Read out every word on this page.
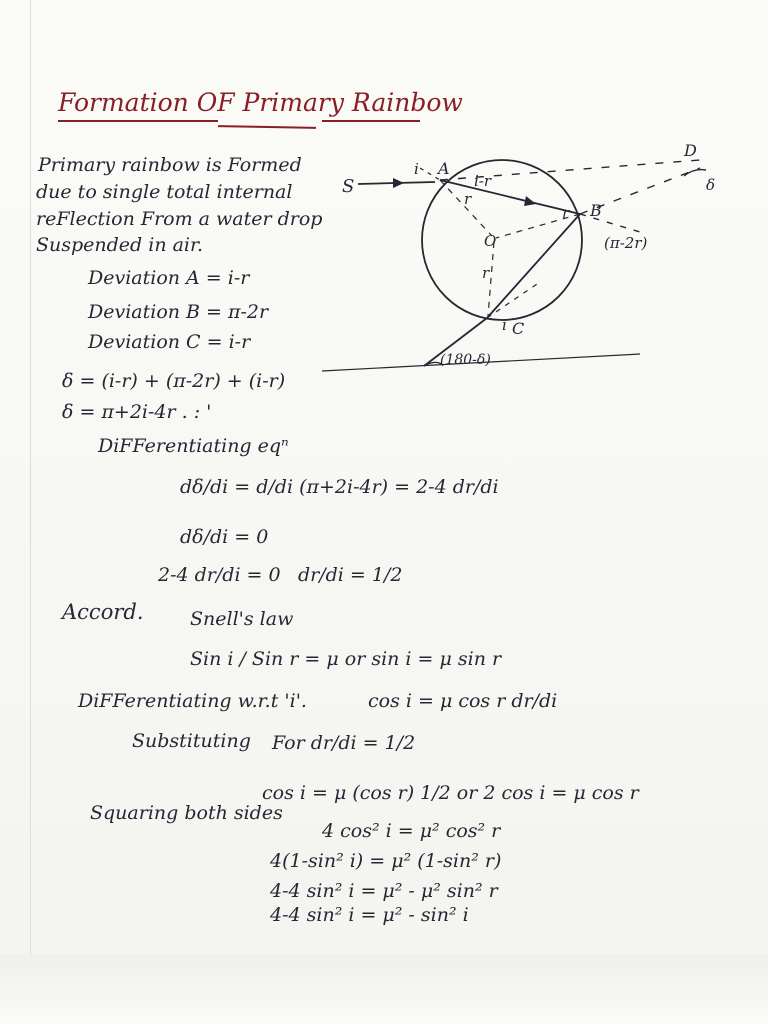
Formation OF Primary Rainbow
Primary rainbow is Formed
due to single total internal
reFlection From a water drop
Suspended in air.
Deviation A = i-r
Deviation B = π-2r
Deviation C = i-r
δ = (i-r) + (π-2r) + (i-r)
δ = π+2i-4r . : '
DiFFerentiating eqⁿ
dδ/di = d/di (π+2i-4r) = 2-4 dr/di
dδ/di = 0
2-4 dr/di = 0 dr/di = 1/2
Accord. Snell's law
Sin i / Sin r = μ or sin i = μ sin r
DiFFerentiating w.r.t 'i'.	cos i = μ cos r dr/di
Substituting For dr/di = 1/2
cos i = μ (cos r) 1/2 or 2 cos i = μ cos r
Squaring both sides
4 cos² i = μ² cos² r
4(1-sin² i) = μ² (1-sin² r)
4-4 sin² i = μ² - μ² sin² r
4-4 sin² i = μ² - sin² i
A
B
C
D
O
S
i
i-r
r
r
(π-2r)
δ
r
i
(180-δ)
